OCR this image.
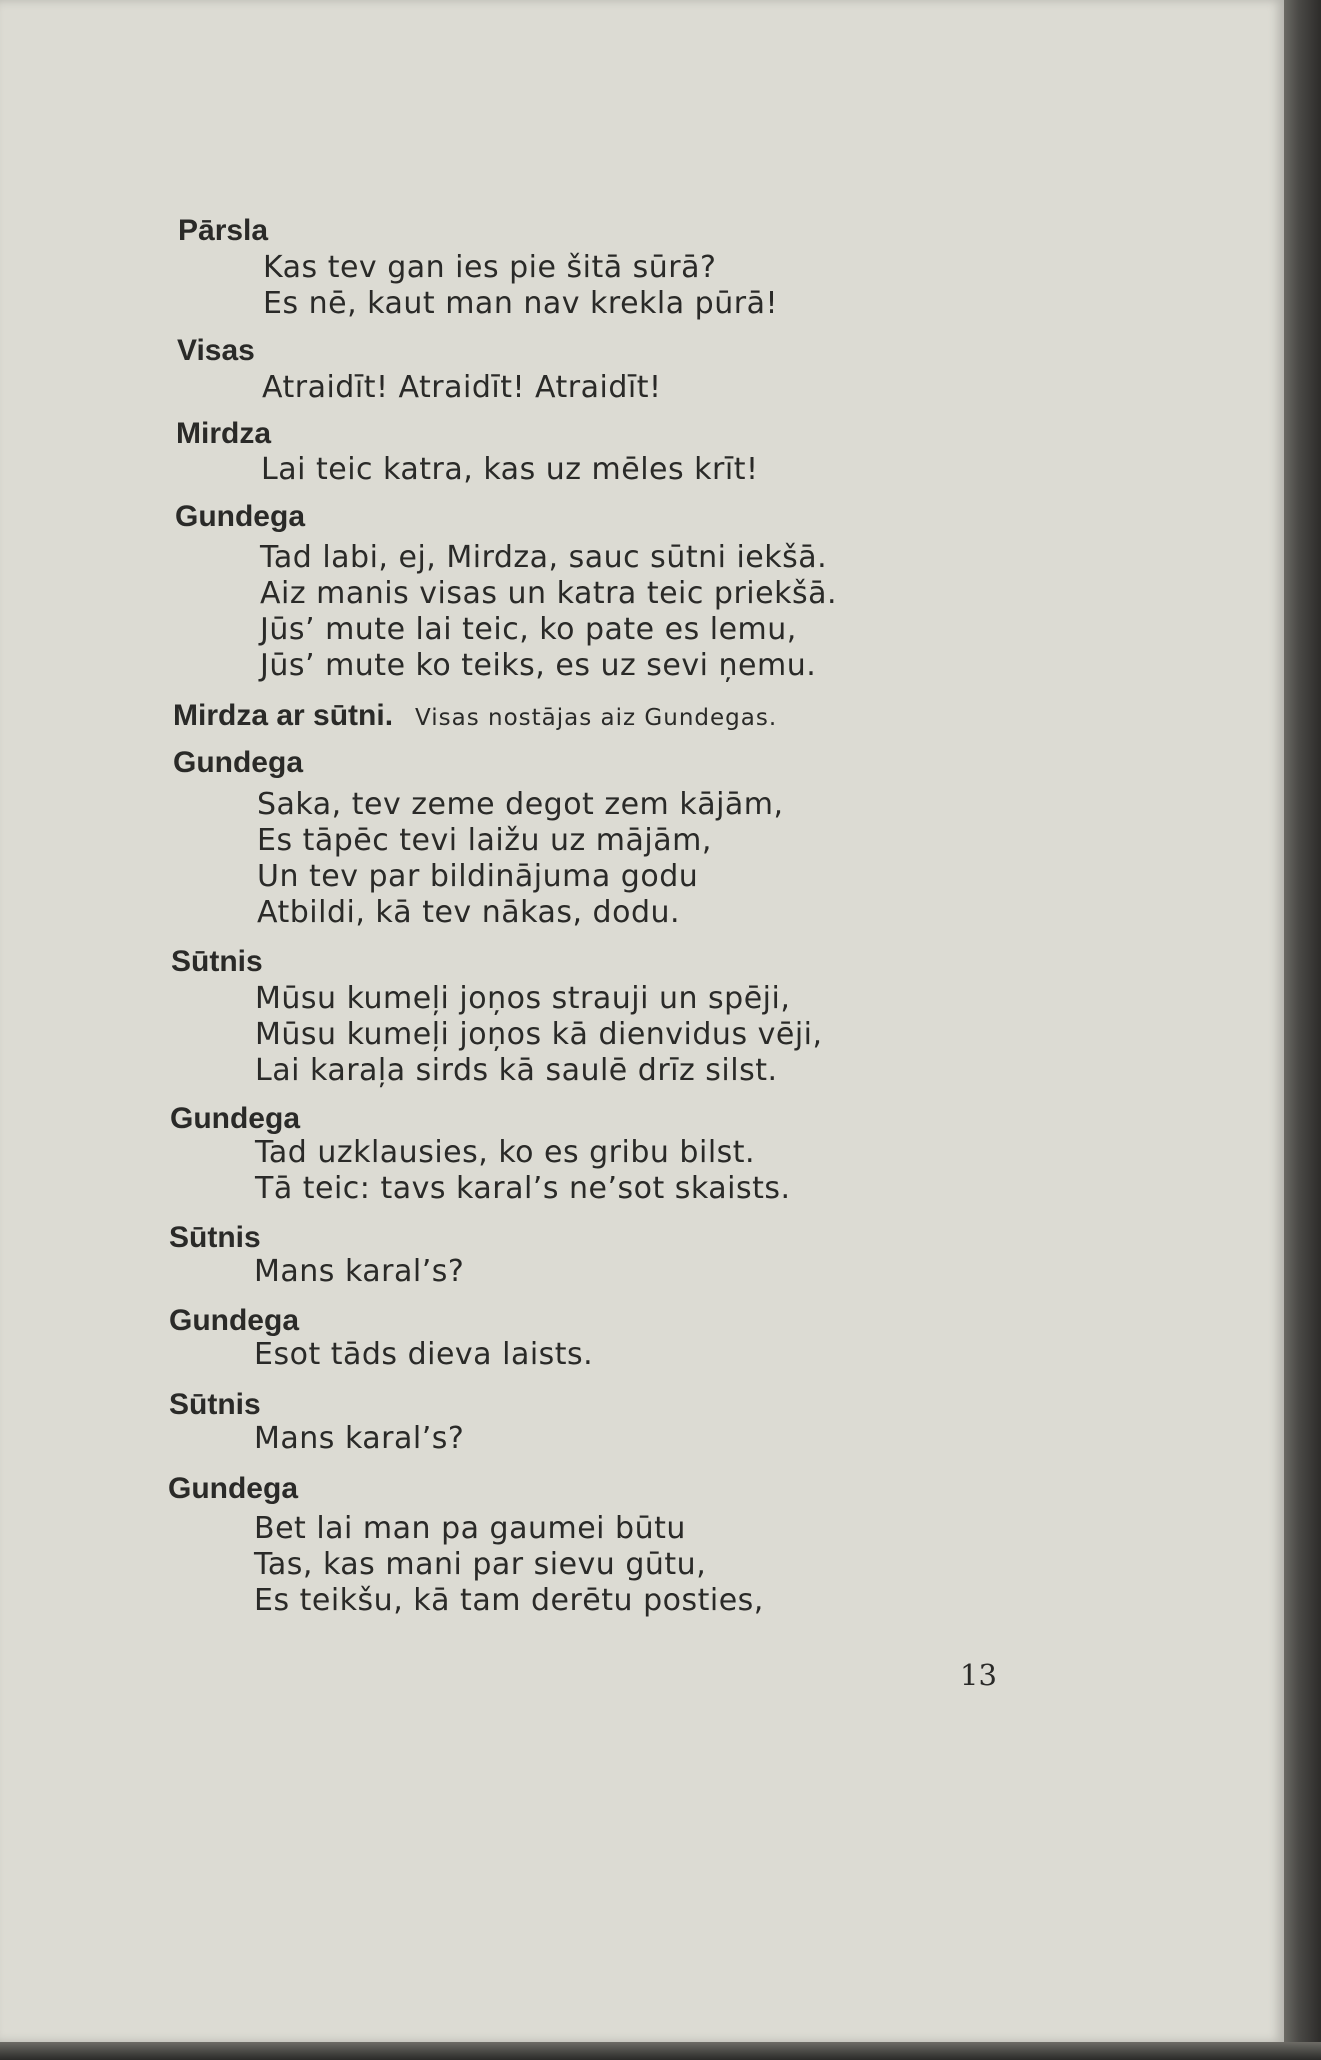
Pārsla
Kas tev gan ies pie šitā sūrā?
Es nē, kaut man nav krekla pūrā!
Visas
Atraidīt! Atraidīt! Atraidīt!
Mirdza
Lai teic katra, kas uz mēles krīt!
Gundega
Tad labi, ej, Mirdza, sauc sūtni iekšā.
Aiz manis visas un katra teic priekšā.
Jūs’ mute lai teic, ko pate es lemu,
Jūs’ mute ko teiks, es uz sevi ņemu.
Mirdza ar sūtni. Visas nostājas aiz Gundegas.
Gundega
Saka, tev zeme degot zem kājām,
Es tāpēc tevi laižu uz mājām,
Un tev par bildinājuma godu
Atbildi, kā tev nākas, dodu.
Sūtnis
Mūsu kumeļi joņos strauji un spēji,
Mūsu kumeļi joņos kā dienvidus vēji,
Lai karaļa sirds kā saulē drīz silst.
Gundega
Tad uzklausies, ko es gribu bilst.
Tā teic: tavs karal’s ne’sot skaists.
Sūtnis
Mans karal’s?
Gundega
Esot tāds dieva laists.
Sūtnis
Mans karal’s?
Gundega
Bet lai man pa gaumei būtu
Tas, kas mani par sievu gūtu,
Es teikšu, kā tam derētu posties,
13
